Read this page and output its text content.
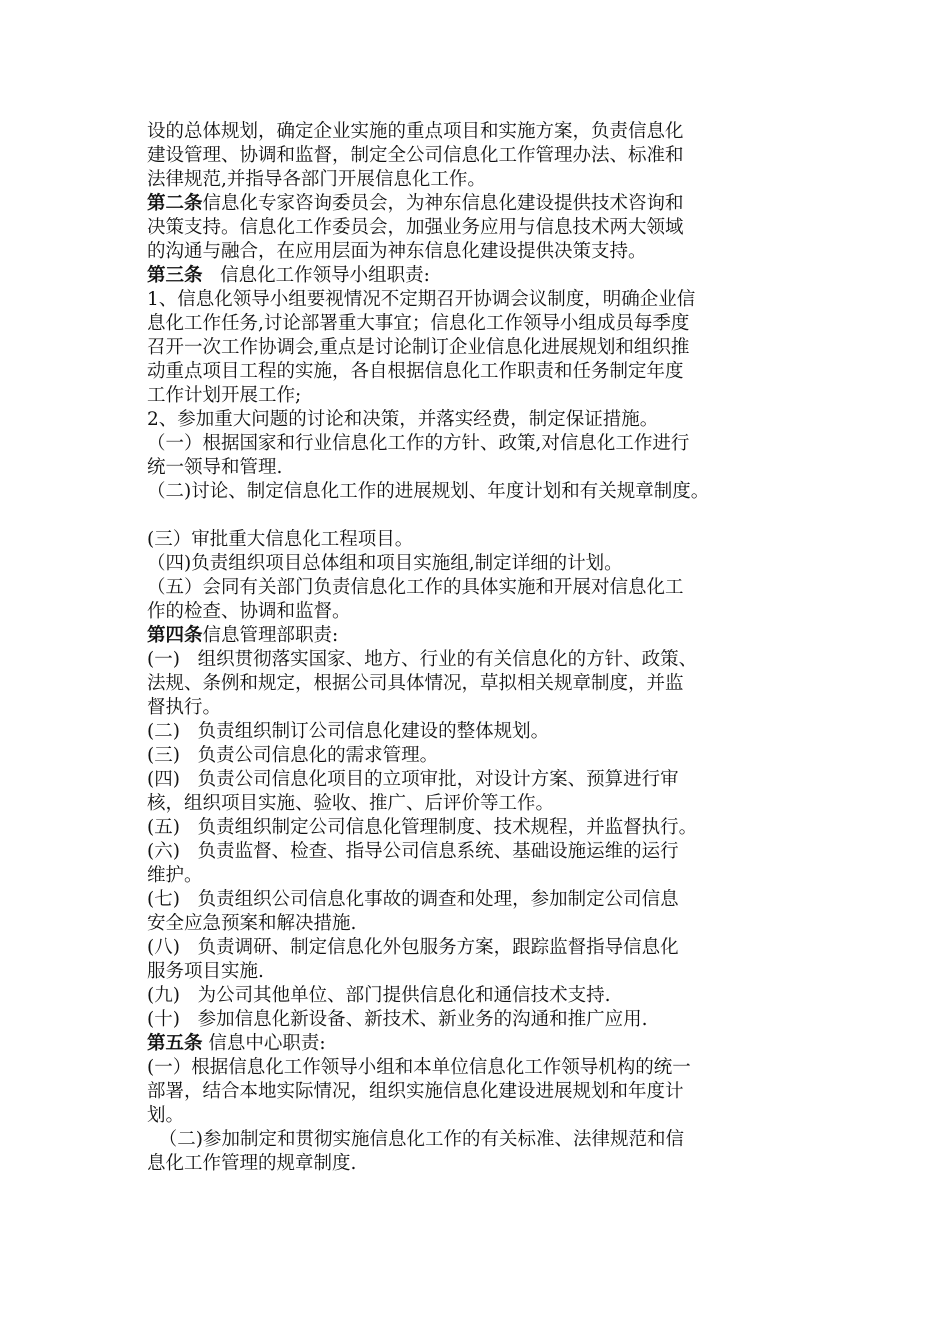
设的总体规划，确定企业实施的重点项目和实施方案，负责信息化
建设管理、协调和监督，制定全公司信息化工作管理办法、标准和
法律规范,并指导各部门开展信息化工作。
第二条信息化专家咨询委员会，为神东信息化建设提供技术咨询和
决策支持。信息化工作委员会，加强业务应用与信息技术两大领域
的沟通与融合，在应用层面为神东信息化建设提供决策支持。
第三条   信息化工作领导小组职责:
1、信息化领导小组要视情况不定期召开协调会议制度，明确企业信
息化工作任务,讨论部署重大事宜；信息化工作领导小组成员每季度
召开一次工作协调会,重点是讨论制订企业信息化进展规划和组织推
动重点项目工程的实施，各自根据信息化工作职责和任务制定年度
工作计划开展工作;
2、参加重大问题的讨论和决策，并落实经费，制定保证措施。
（一）根据国家和行业信息化工作的方针、政策,对信息化工作进行
统一领导和管理.
（二)讨论、制定信息化工作的进展规划、年度计划和有关规章制度。
(三）审批重大信息化工程项目。
（四)负责组织项目总体组和项目实施组,制定详细的计划。
（五）会同有关部门负责信息化工作的具体实施和开展对信息化工
作的检查、协调和监督。
第四条信息管理部职责:
(一)   组织贯彻落实国家、地方、行业的有关信息化的方针、政策、
法规、条例和规定，根据公司具体情况，草拟相关规章制度，并监
督执行。
(二)   负责组织制订公司信息化建设的整体规划。
(三)   负责公司信息化的需求管理。
(四)   负责公司信息化项目的立项审批，对设计方案、预算进行审
核，组织项目实施、验收、推广、后评价等工作。
(五)   负责组织制定公司信息化管理制度、技术规程，并监督执行。
(六)   负责监督、检查、指导公司信息系统、基础设施运维的运行
维护。
(七)   负责组织公司信息化事故的调查和处理，参加制定公司信息
安全应急预案和解决措施.
(八)   负责调研、制定信息化外包服务方案，跟踪监督指导信息化
服务项目实施.
(九)   为公司其他单位、部门提供信息化和通信技术支持.
(十)   参加信息化新设备、新技术、新业务的沟通和推广应用.
第五条 信息中心职责:
(一）根据信息化工作领导小组和本单位信息化工作领导机构的统一
部署，结合本地实际情况，组织实施信息化建设进展规划和年度计
划。
（二)参加制定和贯彻实施信息化工作的有关标准、法律规范和信
息化工作管理的规章制度.
